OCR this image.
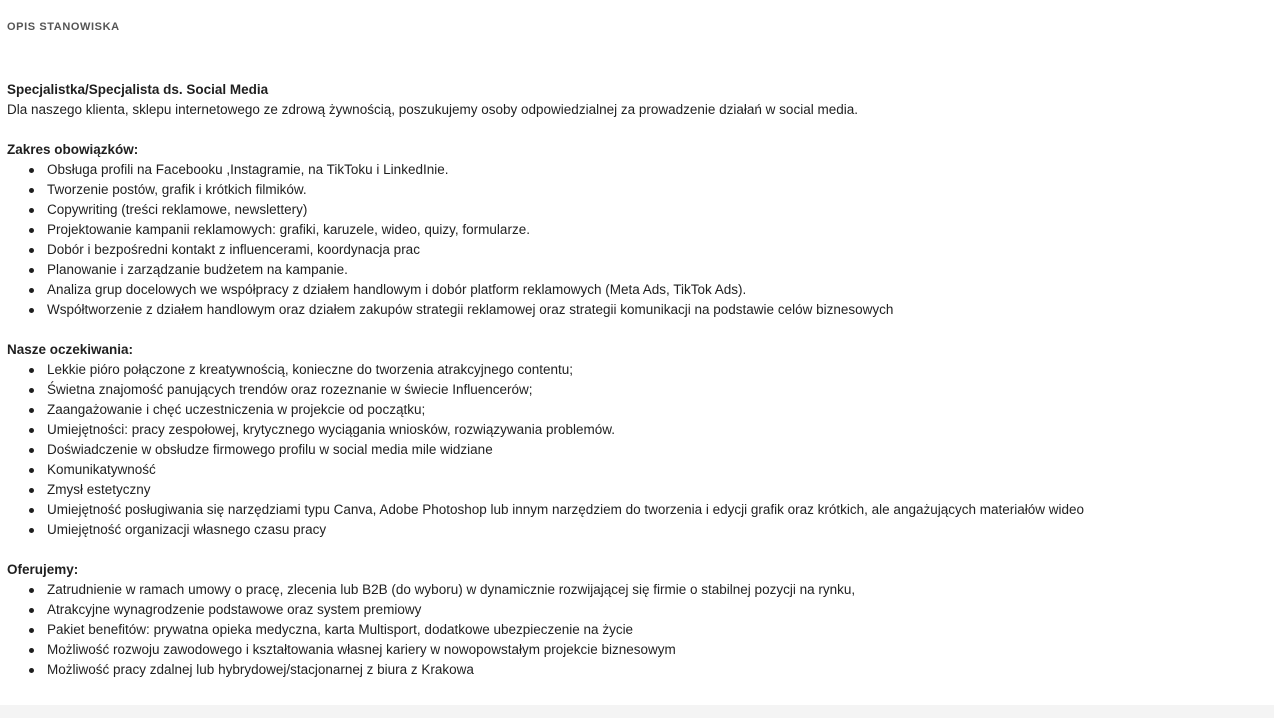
OPIS STANOWISKA

Specjalistka/Specjalista ds. Social Media

Dla naszego klienta, sklepu internetowego ze zdrową żywnością, poszukujemy osoby odpowiedzialnej za prowadzenie działań w social media.

Zakres obowiązków:

Obsługa profili na Facebooku ,Instagramie, na TikToku i LinkedInie.
Tworzenie postów, grafik i krótkich filmików.
Copywriting (treści reklamowe, newslettery)
Projektowanie kampanii reklamowych: grafiki, karuzele, wideo, quizy, formularze.
Dobór i bezpośredni kontakt z influencerami, koordynacja prac
Planowanie i zarządzanie budżetem na kampanie.
Analiza grup docelowych we współpracy z działem handlowym i dobór platform reklamowych (Meta Ads, TikTok Ads).
Współtworzenie z działem handlowym oraz działem zakupów strategii reklamowej oraz strategii komunikacji na podstawie celów biznesowych

Nasze oczekiwania:

Lekkie pióro połączone z kreatywnością, konieczne do tworzenia atrakcyjnego contentu;
Świetna znajomość panujących trendów oraz rozeznanie w świecie Influencerów;
Zaangażowanie i chęć uczestniczenia w projekcie od początku;
Umiejętności: pracy zespołowej, krytycznego wyciągania wniosków, rozwiązywania problemów.
Doświadczenie w obsłudze firmowego profilu w social media mile widziane
Komunikatywność
Zmysł estetyczny
Umiejętność posługiwania się narzędziami typu Canva, Adobe Photoshop lub innym narzędziem do tworzenia i edycji grafik oraz krótkich, ale angażujących materiałów wideo
Umiejętność organizacji własnego czasu pracy

Oferujemy:

Zatrudnienie w ramach umowy o pracę, zlecenia lub B2B (do wyboru) w dynamicznie rozwijającej się firmie o stabilnej pozycji na rynku,
Atrakcyjne wynagrodzenie podstawowe oraz system premiowy
Pakiet benefitów: prywatna opieka medyczna, karta Multisport, dodatkowe ubezpieczenie na życie
Możliwość rozwoju zawodowego i kształtowania własnej kariery w nowopowstałym projekcie biznesowym
Możliwość pracy zdalnej lub hybrydowej/stacjonarnej z biura z Krakowa
